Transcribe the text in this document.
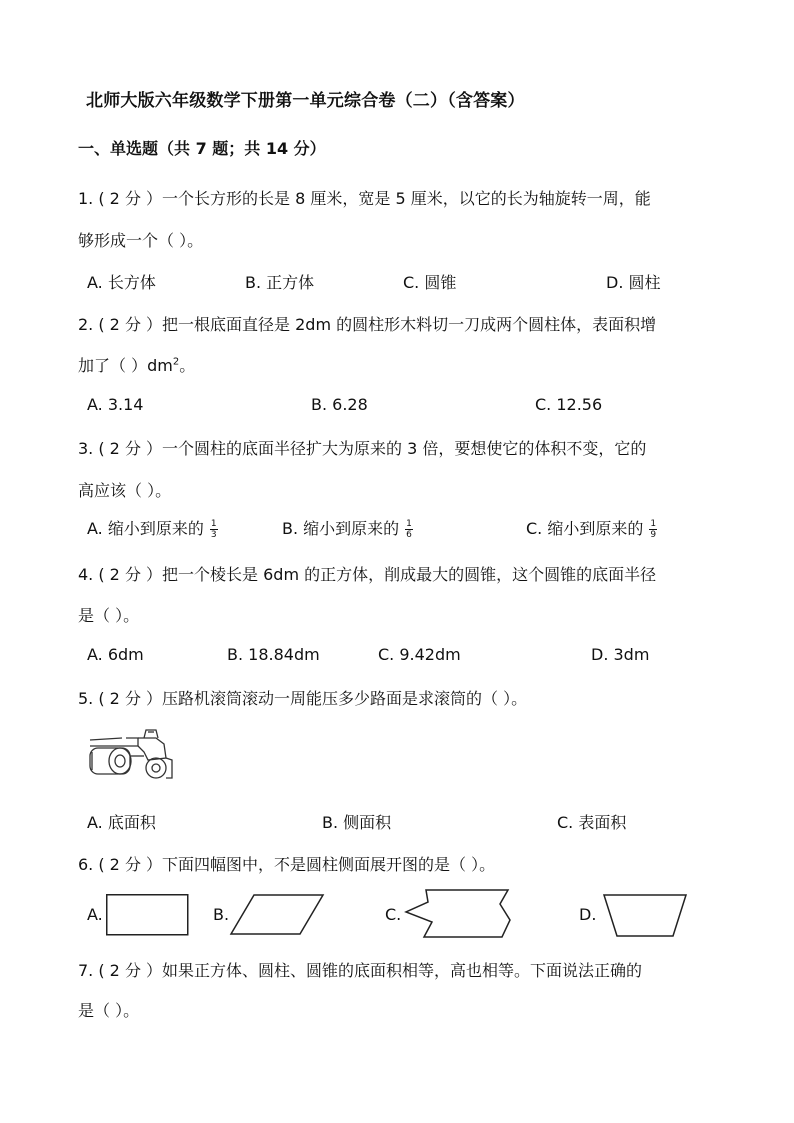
北师大版六年级数学下册第一单元综合卷（二）（含答案）
一、单选题（共 7 题；共 14 分）
1. ( 2 分 ）一个长方形的长是 8 厘米，宽是 5 厘米，以它的长为轴旋转一周，能
够形成一个（ ）。
A. 长方体	B. 正方体	C. 圆锥	D. 圆柱
2. ( 2 分 ）把一根底面直径是 2dm 的圆柱形木料切一刀成两个圆柱体，表面积增
加了（ ）$dm^2$。
A. 3.14	B. 6.28	C. 12.56
3. ( 2 分 ）一个圆柱的底面半径扩大为原来的 3 倍，要想使它的体积不变，它的
高应该（ ）。
A. 缩小到原来的 $\frac{1}{3}$	B. 缩小到原来的 $\frac{1}{6}$	C. 缩小到原来的 $\frac{1}{9}$
4. ( 2 分 ）把一个棱长是 6dm 的正方体，削成最大的圆锥，这个圆锥的底面半径
是（ ）。
A. 6dm	B. 18.84dm	C. 9.42dm	D. 3dm
5. ( 2 分 ）压路机滚筒滚动一周能压多少路面是求滚筒的（ ）。
A. 底面积	B. 侧面积	C. 表面积
6. ( 2 分 ）下面四幅图中，不是圆柱侧面展开图的是（ ）。
A.	B.	C.	D.
7. ( 2 分 ）如果正方体、圆柱、圆锥的底面积相等，高也相等。下面说法正确的
是（ ）。
